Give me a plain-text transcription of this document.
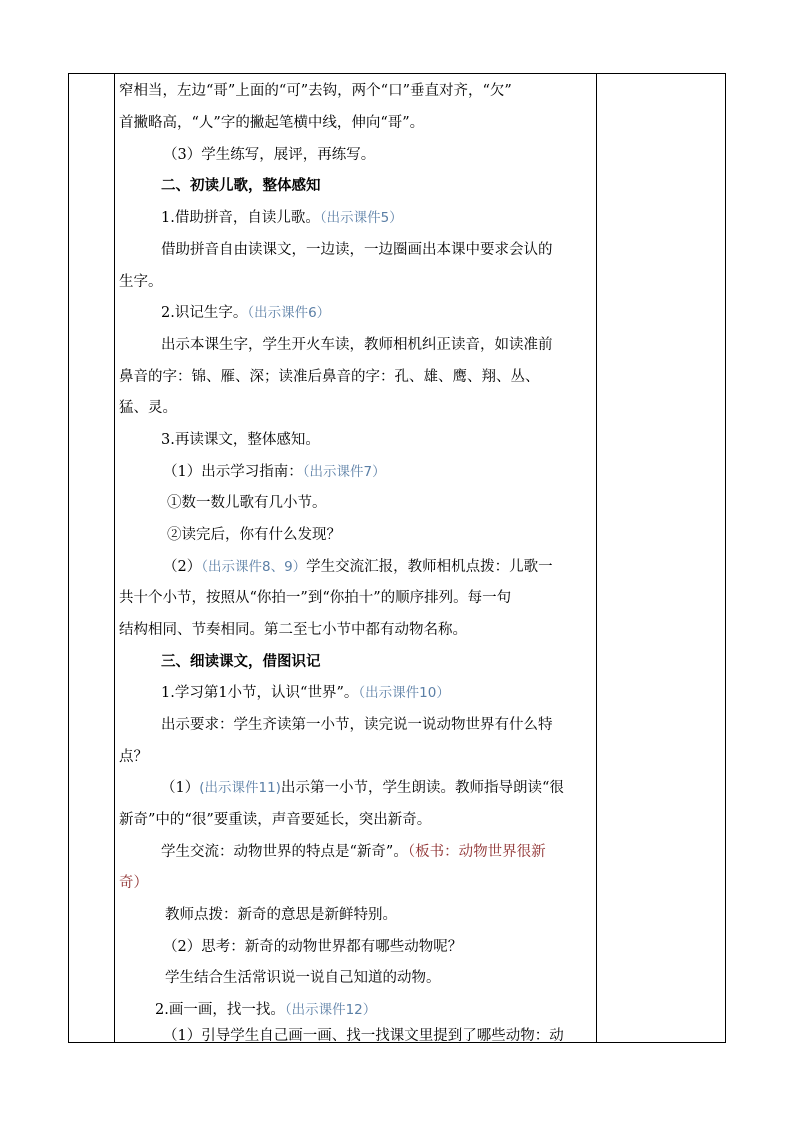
窄相当，左边“哥”上面的“可”去钩，两个“口”垂直对齐，“欠”
首撇略高，“人”字的撇起笔横中线，伸向“哥”。
（3）学生练写，展评，再练写。
二、初读儿歌，整体感知
1.借助拼音，自读儿歌。（出示课件5）
借助拼音自由读课文，一边读，一边圈画出本课中要求会认的
生字。
2.识记生字。（出示课件6）
出示本课生字，学生开火车读，教师相机纠正读音，如读准前
鼻音的字：锦、雁、深；读准后鼻音的字：孔、雄、鹰、翔、丛、
猛、灵。
3.再读课文，整体感知。
（1）出示学习指南：（出示课件7）
①数一数儿歌有几小节。
②读完后，你有什么发现？
（2）（出示课件8、9）学生交流汇报，教师相机点拨：儿歌一
共十个小节，按照从“你拍一”到“你拍十”的顺序排列。每一句
结构相同、节奏相同。第二至七小节中都有动物名称。
三、细读课文，借图识记
1.学习第1小节，认识“世界”。（出示课件10）
出示要求：学生齐读第一小节，读完说一说动物世界有什么特
点？
（1）(出示课件11)出示第一小节，学生朗读。教师指导朗读“很
新奇”中的“很”要重读，声音要延长，突出新奇。
学生交流：动物世界的特点是“新奇”。（板书：动物世界很新
奇）
教师点拨：新奇的意思是新鲜特别。
（2）思考：新奇的动物世界都有哪些动物呢？
学生结合生活常识说一说自己知道的动物。
2.画一画，找一找。（出示课件12）
（1）引导学生自己画一画、找一找课文里提到了哪些动物：动
